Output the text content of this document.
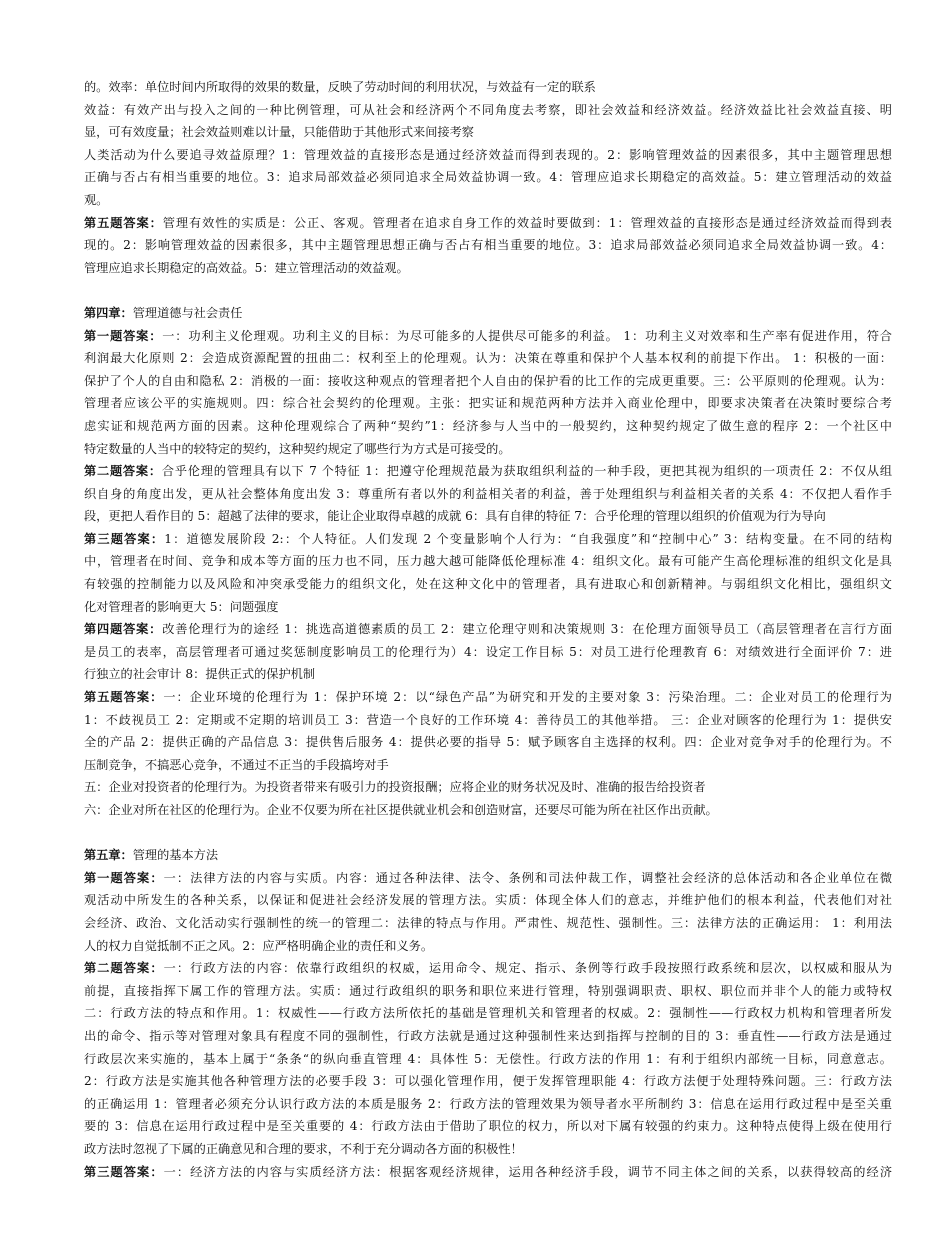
的。效率：单位时间内所取得的效果的数量，反映了劳动时间的利用状况，与效益有一定的联系
效益：有效产出与投入之间的一种比例管理，可从社会和经济两个不同角度去考察，即社会效益和经济效益。经济效益比社会效益直接、明
显，可有效度量；社会效益则难以计量，只能借助于其他形式来间接考察
人类活动为什么要追寻效益原理？1：管理效益的直接形态是通过经济效益而得到表现的。2：影响管理效益的因素很多，其中主题管理思想
正确与否占有相当重要的地位。3：追求局部效益必须同追求全局效益协调一致。4：管理应追求长期稳定的高效益。5：建立管理活动的效益
观。
第五题答案：管理有效性的实质是：公正、客观。管理者在追求自身工作的效益时要做到：1：管理效益的直接形态是通过经济效益而得到表
现的。2：影响管理效益的因素很多，其中主题管理思想正确与否占有相当重要的地位。3：追求局部效益必须同追求全局效益协调一致。4：
管理应追求长期稳定的高效益。5：建立管理活动的效益观。
第四章：管理道德与社会责任
第一题答案：一：功利主义伦理观。功利主义的目标：为尽可能多的人提供尽可能多的利益。 1：功利主义对效率和生产率有促进作用，符合
利润最大化原则 2：会造成资源配置的扭曲二：权利至上的伦理观。认为：决策在尊重和保护个人基本权利的前提下作出。 1：积极的一面：
保护了个人的自由和隐私 2：消极的一面：接收这种观点的管理者把个人自由的保护看的比工作的完成更重要。三：公平原则的伦理观。认为：
管理者应该公平的实施规则。四：综合社会契约的伦理观。主张：把实证和规范两种方法并入商业伦理中，即要求决策者在决策时要综合考
虑实证和规范两方面的因素。这种伦理观综合了两种“契约”1：经济参与人当中的一般契约，这种契约规定了做生意的程序 2：一个社区中
特定数量的人当中的较特定的契约，这种契约规定了哪些行为方式是可接受的。
第二题答案：合乎伦理的管理具有以下 7 个特征 1：把遵守伦理规范最为获取组织利益的一种手段，更把其视为组织的一项责任 2：不仅从组
织自身的角度出发，更从社会整体角度出发 3：尊重所有者以外的利益相关者的利益，善于处理组织与利益相关者的关系 4：不仅把人看作手
段，更把人看作目的 5：超越了法律的要求，能让企业取得卓越的成就 6：具有自律的特征 7：合乎伦理的管理以组织的价值观为行为导向
第三题答案：1：道德发展阶段 2:：个人特征。人们发现 2 个变量影响个人行为：“自我强度”和“控制中心” 3：结构变量。在不同的结构
中，管理者在时间、竞争和成本等方面的压力也不同，压力越大越可能降低伦理标准 4：组织文化。最有可能产生高伦理标准的组织文化是具
有较强的控制能力以及风险和冲突承受能力的组织文化，处在这种文化中的管理者，具有进取心和创新精神。与弱组织文化相比，强组织文
化对管理者的影响更大 5：问题强度
第四题答案：改善伦理行为的途经 1：挑选高道德素质的员工 2：建立伦理守则和决策规则 3：在伦理方面领导员工（高层管理者在言行方面
是员工的表率，高层管理者可通过奖惩制度影响员工的伦理行为）4：设定工作目标 5：对员工进行伦理教育 6：对绩效进行全面评价 7：进
行独立的社会审计 8：提供正式的保护机制
第五题答案：一：企业环境的伦理行为 1：保护环境 2：以“绿色产品”为研究和开发的主要对象 3：污染治理。二：企业对员工的伦理行为
1：不歧视员工 2：定期或不定期的培训员工 3：营造一个良好的工作环境 4：善待员工的其他举措。 三：企业对顾客的伦理行为 1：提供安
全的产品 2：提供正确的产品信息 3：提供售后服务 4：提供必要的指导 5：赋予顾客自主选择的权利。四：企业对竞争对手的伦理行为。不
压制竞争，不搞恶心竞争，不通过不正当的手段搞垮对手
五：企业对投资者的伦理行为。为投资者带来有吸引力的投资报酬；应将企业的财务状况及时、准确的报告给投资者
六：企业对所在社区的伦理行为。企业不仅要为所在社区提供就业机会和创造财富，还要尽可能为所在社区作出贡献。
第五章：管理的基本方法
第一题答案：一：法律方法的内容与实质。内容：通过各种法律、法令、条例和司法仲裁工作，调整社会经济的总体活动和各企业单位在微
观活动中所发生的各种关系，以保证和促进社会经济发展的管理方法。实质：体现全体人们的意志，并维护他们的根本利益，代表他们对社
会经济、政治、文化活动实行强制性的统一的管理二：法律的特点与作用。严肃性、规范性、强制性。三：法律方法的正确运用： 1：利用法
人的权力自觉抵制不正之风。2：应严格明确企业的责任和义务。
第二题答案：一：行政方法的内容：依靠行政组织的权威，运用命令、规定、指示、条例等行政手段按照行政系统和层次，以权威和服从为
前提，直接指挥下属工作的管理方法。实质：通过行政组织的职务和职位来进行管理，特别强调职责、职权、职位而并非个人的能力或特权
二：行政方法的特点和作用。1：权威性——行政方法所依托的基础是管理机关和管理者的权威。2：强制性——行政权力机构和管理者所发
出的命令、指示等对管理对象具有程度不同的强制性，行政方法就是通过这种强制性来达到指挥与控制的目的 3：垂直性——行政方法是通过
行政层次来实施的，基本上属于“条条“的纵向垂直管理 4：具体性 5：无偿性。行政方法的作用 1：有利于组织内部统一目标，同意意志。
2：行政方法是实施其他各种管理方法的必要手段 3：可以强化管理作用，便于发挥管理职能 4：行政方法便于处理特殊问题。三：行政方法
的正确运用 1：管理者必须充分认识行政方法的本质是服务 2：行政方法的管理效果为领导者水平所制约 3：信息在运用行政过程中是至关重
要的 3：信息在运用行政过程中是至关重要的 4：行政方法由于借助了职位的权力，所以对下属有较强的约束力。这种特点使得上级在使用行
政方法时忽视了下属的正确意见和合理的要求，不利于充分调动各方面的积极性！
第三题答案：一：经济方法的内容与实质经济方法：根据客观经济规律，运用各种经济手段，调节不同主体之间的关系，以获得较高的经济
